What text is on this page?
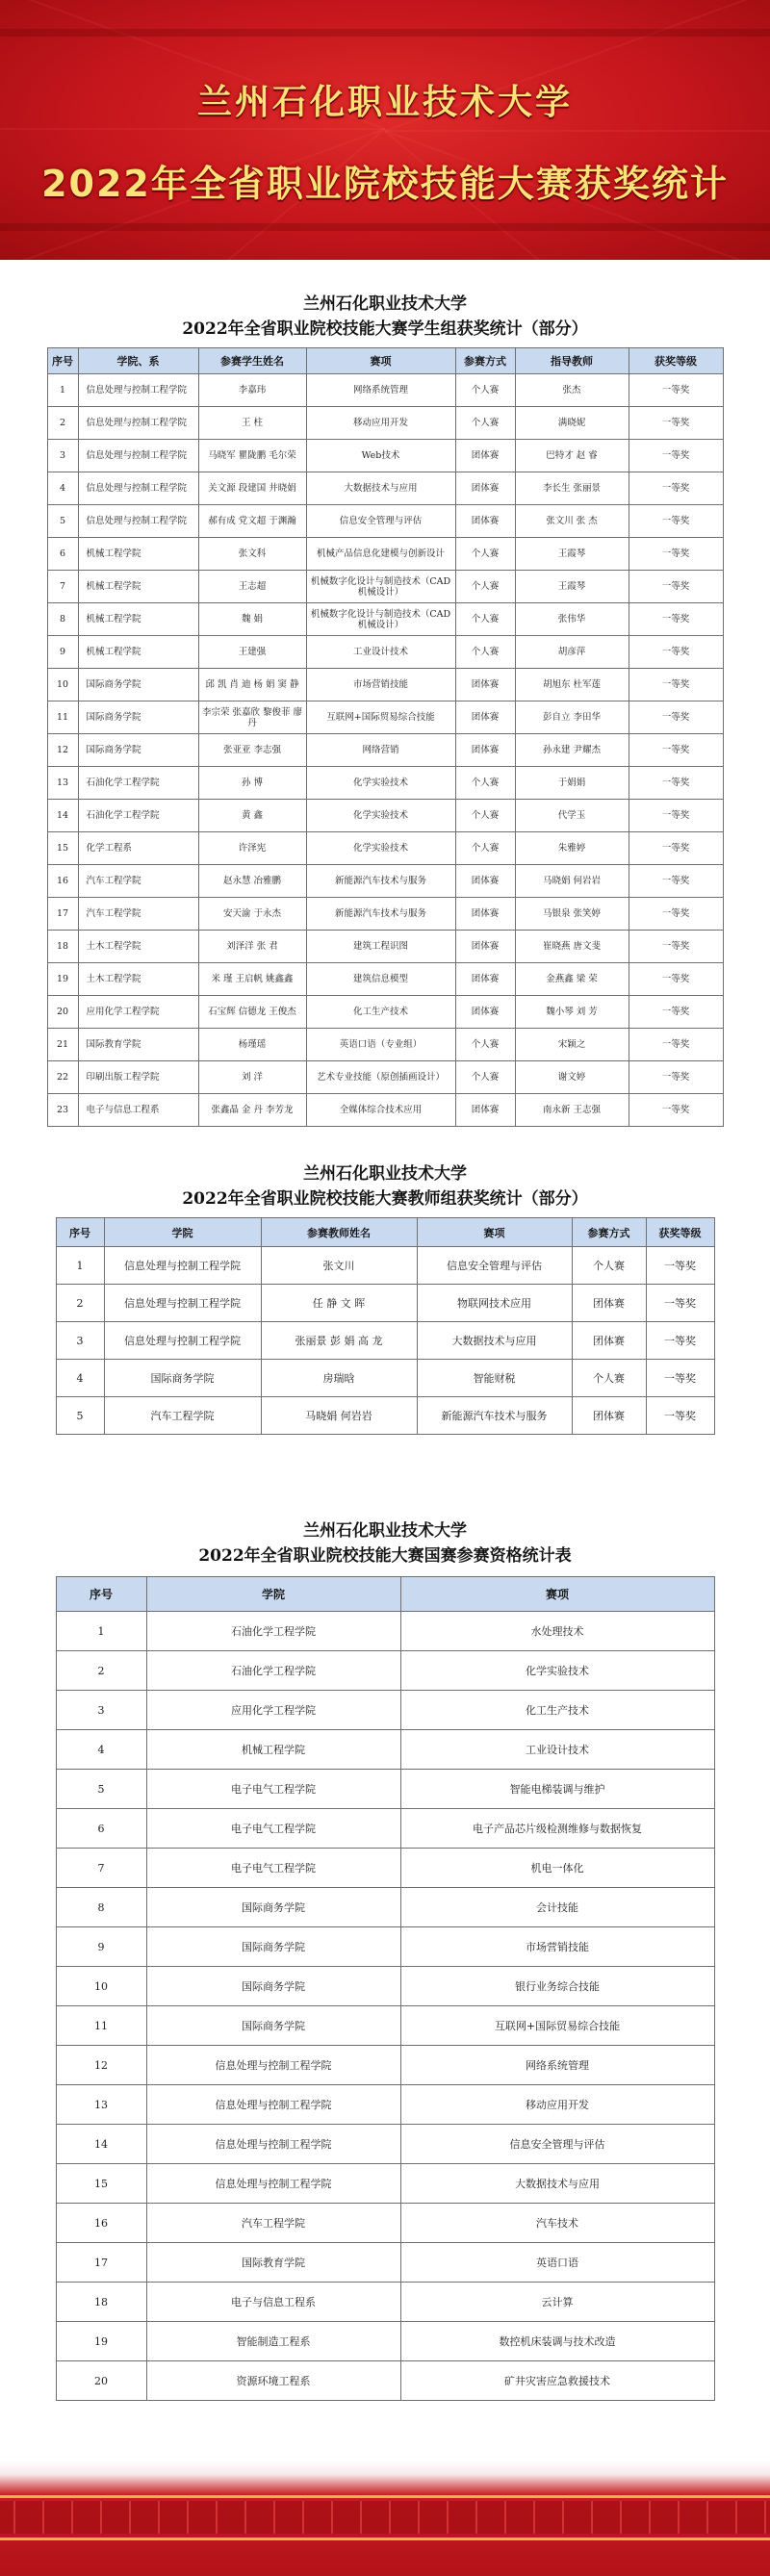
兰州石化职业技术大学
2022年全省职业院校技能大赛获奖统计
兰州石化职业技术大学
2022年全省职业院校技能大赛学生组获奖统计（部分）
序号	学院、系	参赛学生姓名	赛项	参赛方式	指导教师	获奖等级
1	信息处理与控制工程学院	李嘉玮	网络系统管理	个人赛	张杰	一等奖
2	信息处理与控制工程学院	王 柱	移动应用开发	个人赛	满晓妮	一等奖
3	信息处理与控制工程学院	马晓军 瞿陇鹏 毛尔荣	Web技术	团体赛	巴特才 赵 睿	一等奖
4	信息处理与控制工程学院	关文源 段建国 井晓娟	大数据技术与应用	团体赛	李长生 张丽景	一等奖
5	信息处理与控制工程学院	郝有成 党文超 于渊瀚	信息安全管理与评估	团体赛	张文川 张 杰	一等奖
6	机械工程学院	张文科	机械产品信息化建模与创新设计	个人赛	王霞琴	一等奖
7	机械工程学院	王志超	机械数字化设计与制造技术（CAD机械设计）	个人赛	王霞琴	一等奖
8	机械工程学院	魏 娟	机械数字化设计与制造技术（CAD机械设计）	个人赛	张伟华	一等奖
9	机械工程学院	王建强	工业设计技术	个人赛	胡彦萍	一等奖
10	国际商务学院	邱 凯 肖 迪 杨 娟 窦 静	市场营销技能	团体赛	胡旭东 杜军莲	一等奖
11	国际商务学院	李宗荣 张嘉欣 黎俊菲 廖 丹	互联网+国际贸易综合技能	团体赛	彭自立 李田华	一等奖
12	国际商务学院	张亚亚 李志强	网络营销	团体赛	孙永建 尹耀杰	一等奖
13	石油化学工程学院	孙 博	化学实验技术	个人赛	于娟娟	一等奖
14	石油化学工程学院	黄 鑫	化学实验技术	个人赛	代学玉	一等奖
15	化学工程系	许泽宪	化学实验技术	个人赛	朱雅婷	一等奖
16	汽车工程学院	赵永慧 冶雅鹏	新能源汽车技术与服务	团体赛	马晓娟 何岩岩	一等奖
17	汽车工程学院	安天渝 于永杰	新能源汽车技术与服务	团体赛	马银泉 张笑婷	一等奖
18	土木工程学院	刘泽洋 张 君	建筑工程识图	团体赛	崔晓燕 唐文斐	一等奖
19	土木工程学院	米 瑾 王启帆 姚鑫鑫	建筑信息模型	团体赛	金燕鑫 梁 荣	一等奖
20	应用化学工程学院	石宝辉 信德龙 王俊杰	化工生产技术	团体赛	魏小琴 刘 芳	一等奖
21	国际教育学院	杨瑾瑶	英语口语（专业组）	个人赛	宋颖之	一等奖
22	印刷出版工程学院	刘 洋	艺术专业技能（原创插画设计）	个人赛	谢文婷	一等奖
23	电子与信息工程系	张鑫晶 金 丹 李芳龙	全媒体综合技术应用	团体赛	南永新 王志强	一等奖
兰州石化职业技术大学
2022年全省职业院校技能大赛教师组获奖统计（部分）
序号	学院	参赛教师姓名	赛项	参赛方式	获奖等级
1	信息处理与控制工程学院	张文川	信息安全管理与评估	个人赛	一等奖
2	信息处理与控制工程学院	任 静 文 晖	物联网技术应用	团体赛	一等奖
3	信息处理与控制工程学院	张丽景 彭 娟 高 龙	大数据技术与应用	团体赛	一等奖
4	国际商务学院	房瑞晗	智能财税	个人赛	一等奖
5	汽车工程学院	马晓娟 何岩岩	新能源汽车技术与服务	团体赛	一等奖
兰州石化职业技术大学
2022年全省职业院校技能大赛国赛参赛资格统计表
序号	学院	赛项
1	石油化学工程学院	水处理技术
2	石油化学工程学院	化学实验技术
3	应用化学工程学院	化工生产技术
4	机械工程学院	工业设计技术
5	电子电气工程学院	智能电梯装调与维护
6	电子电气工程学院	电子产品芯片级检测维修与数据恢复
7	电子电气工程学院	机电一体化
8	国际商务学院	会计技能
9	国际商务学院	市场营销技能
10	国际商务学院	银行业务综合技能
11	国际商务学院	互联网+国际贸易综合技能
12	信息处理与控制工程学院	网络系统管理
13	信息处理与控制工程学院	移动应用开发
14	信息处理与控制工程学院	信息安全管理与评估
15	信息处理与控制工程学院	大数据技术与应用
16	汽车工程学院	汽车技术
17	国际教育学院	英语口语
18	电子与信息工程系	云计算
19	智能制造工程系	数控机床装调与技术改造
20	资源环境工程系	矿井灾害应急救援技术
